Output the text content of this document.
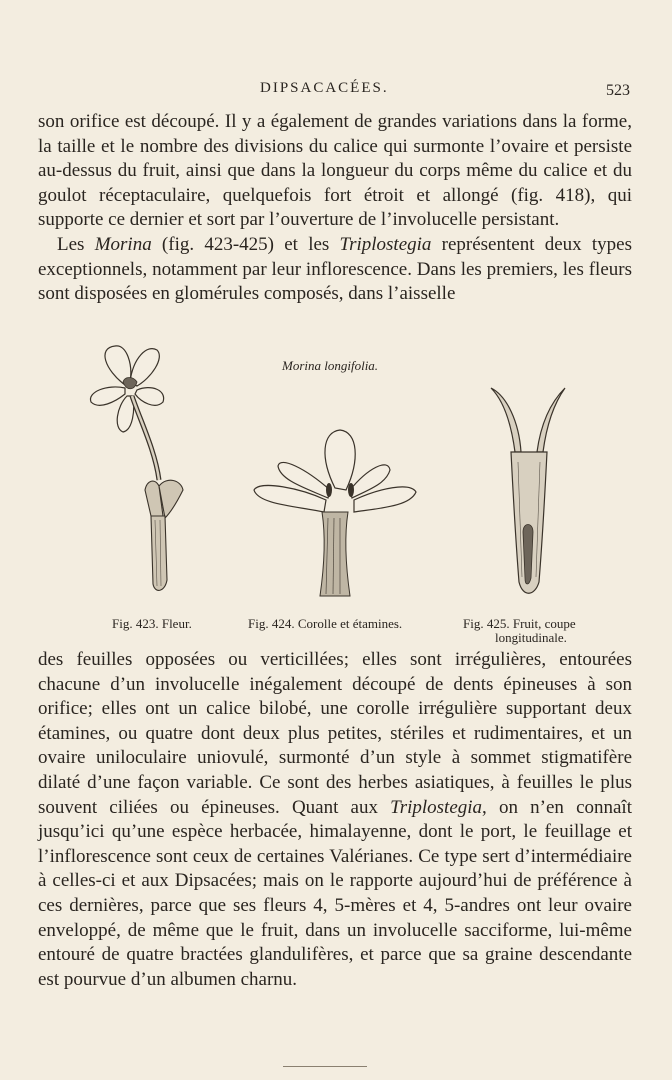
DIPSACACÉES.	523

son orifice est découpé. Il y a également de grandes variations dans la forme, la taille et le nombre des divisions du calice qui surmonte l’ovaire et persiste au-dessus du fruit, ainsi que dans la longueur du corps même du calice et du goulot réceptaculaire, quelquefois fort étroit et allongé (fig. 418), qui supporte ce dernier et sort par l’ouverture de l’involucelle persistant.

Les Morina (fig. 423-425) et les Triplostegia représentent deux types exceptionnels, notamment par leur inflorescence. Dans les premiers, les fleurs sont disposées en glomérules composés, dans l’aisselle

Morina longifolia.
Fig. 423. Fleur.	Fig. 424. Corolle et étamines.	Fig. 425. Fruit, coupe
longitudinale.

des feuilles opposées ou verticillées; elles sont irrégulières, entourées chacune d’un involucelle inégalement découpé de dents épineuses à son orifice; elles ont un calice bilobé, une corolle irrégulière supportant deux étamines, ou quatre dont deux plus petites, stériles et rudimentaires, et un ovaire uniloculaire uniovulé, surmonté d’un style à sommet stigmatifère dilaté d’une façon variable. Ce sont des herbes asiatiques, à feuilles le plus souvent ciliées ou épineuses. Quant aux Triplostegia, on n’en connaît jusqu’ici qu’une espèce herbacée, himalayenne, dont le port, le feuillage et l’inflorescence sont ceux de certaines Valérianes. Ce type sert d’intermédiaire à celles-ci et aux Dipsacées; mais on le rapporte aujourd’hui de préférence à ces dernières, parce que ses fleurs 4, 5-mères et 4, 5-andres ont leur ovaire enveloppé, de même que le fruit, dans un involucelle sacciforme, lui-même entouré de quatre bractées glandulifères, et parce que sa graine descendante est pourvue d’un albumen charnu.
